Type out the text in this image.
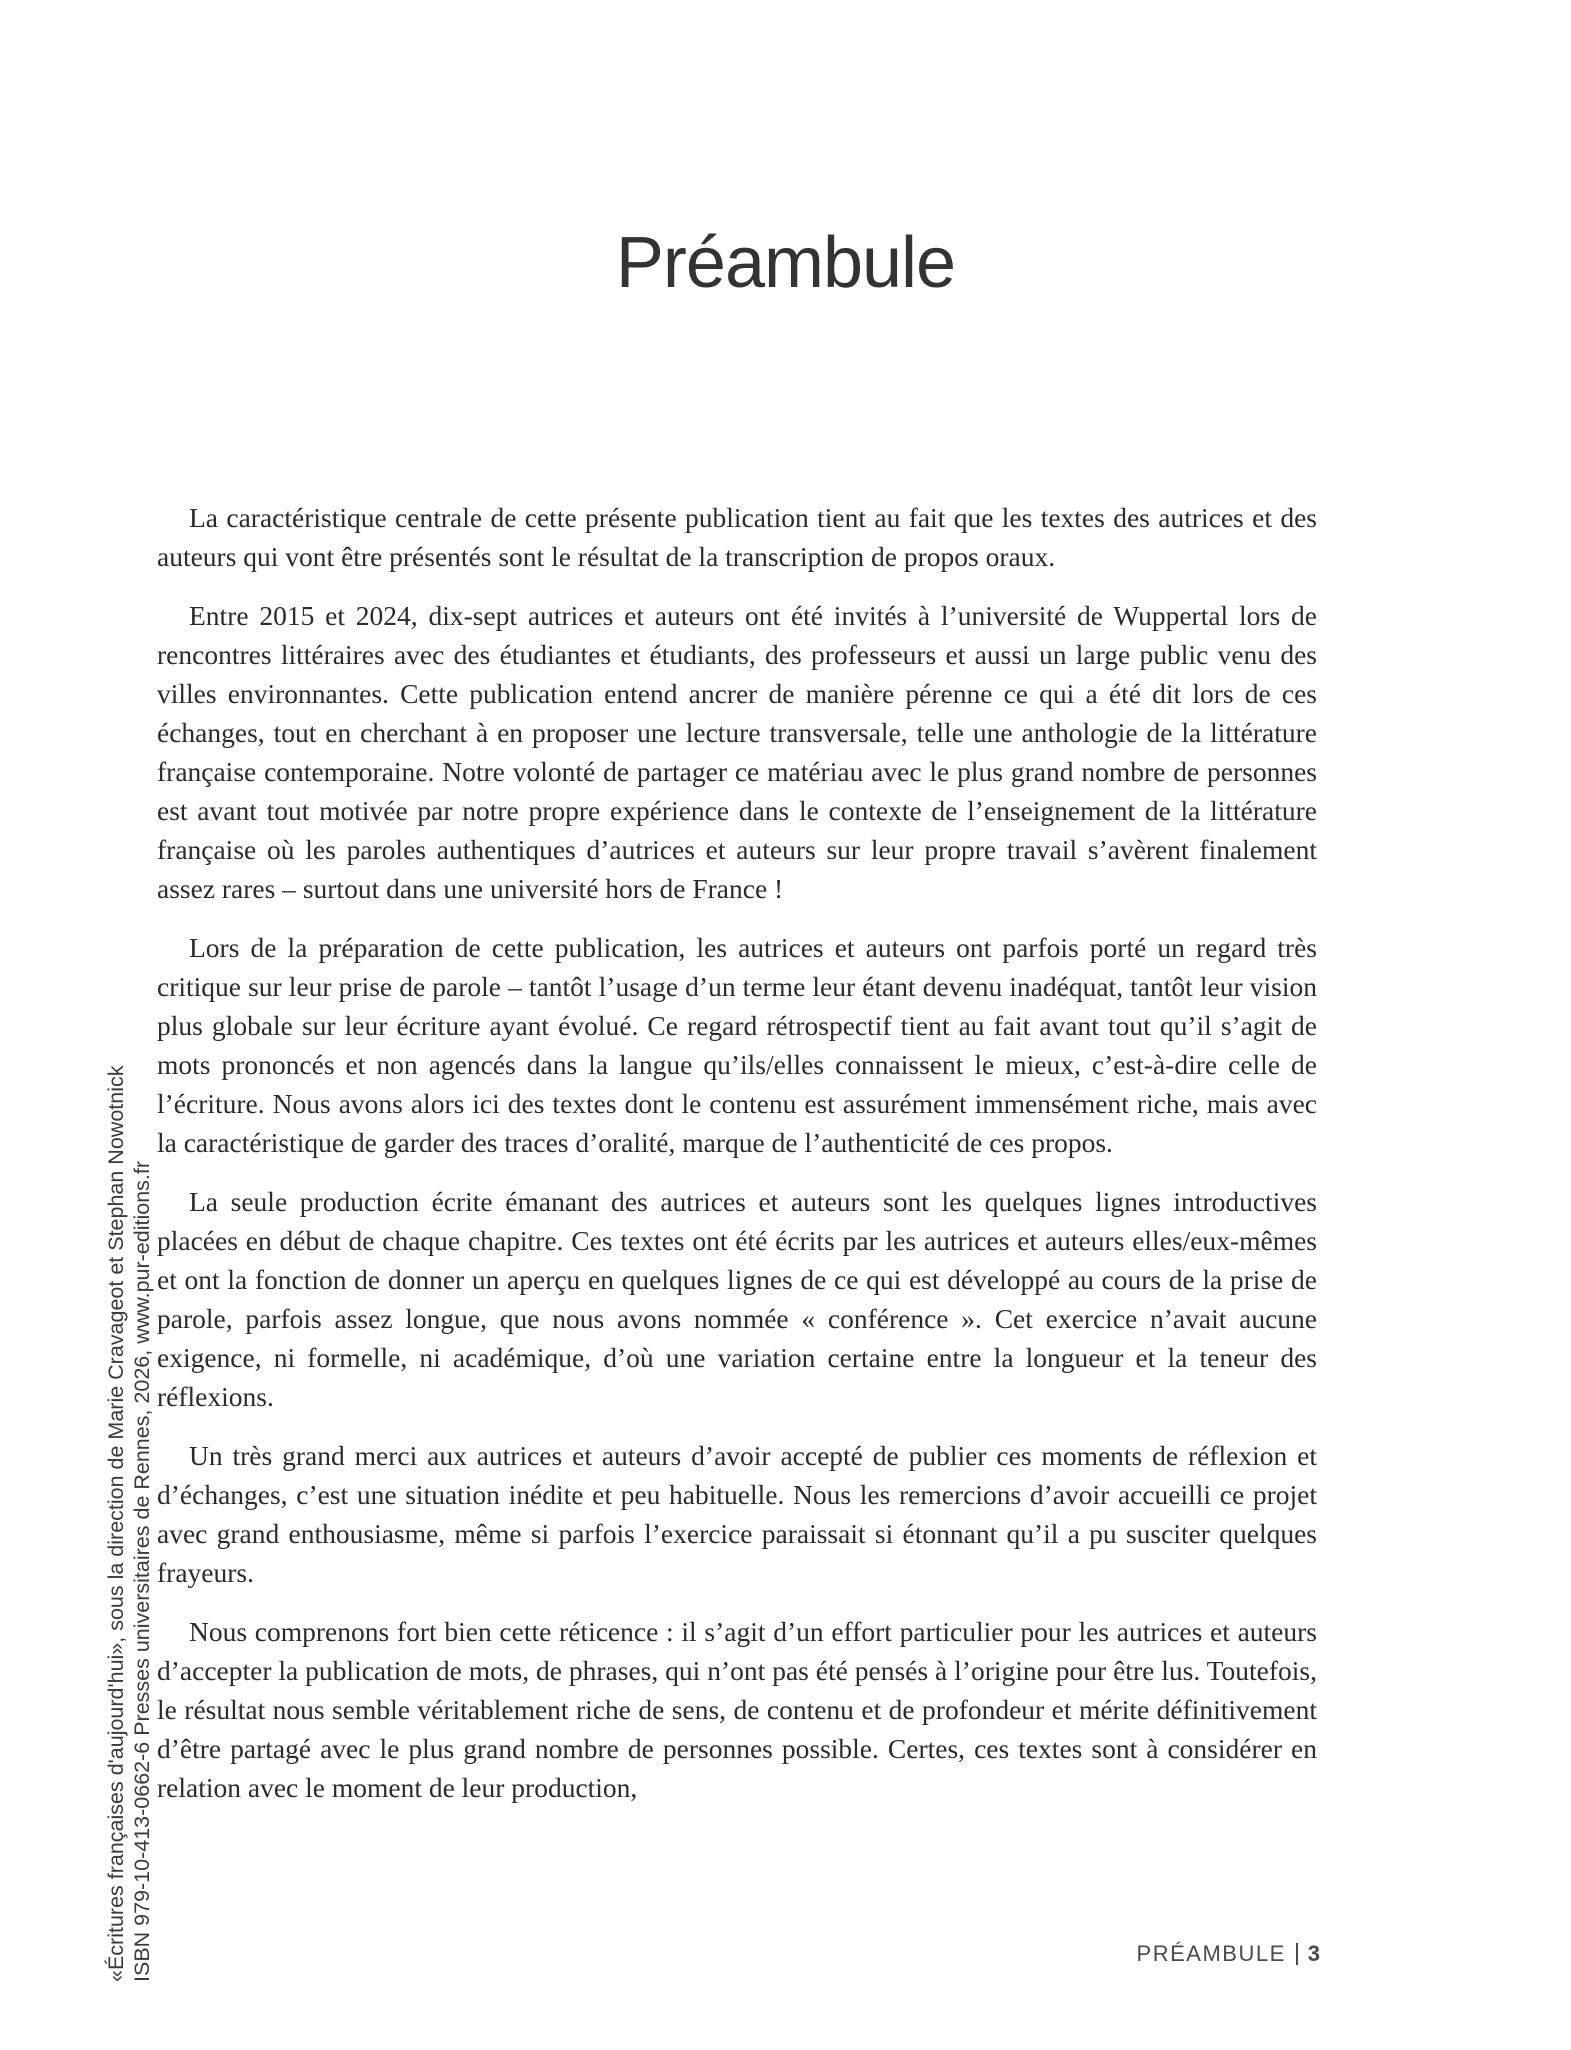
Préambule

La caractéristique centrale de cette présente publication tient au fait que les textes des autrices et des auteurs qui vont être présentés sont le résultat de la transcription de propos oraux.

Entre 2015 et 2024, dix-sept autrices et auteurs ont été invités à l’université de Wuppertal lors de rencontres littéraires avec des étudiantes et étudiants, des professeurs et aussi un large public venu des villes environnantes. Cette publication entend ancrer de manière pérenne ce qui a été dit lors de ces échanges, tout en cherchant à en proposer une lecture transversale, telle une anthologie de la littérature française contemporaine. Notre volonté de partager ce matériau avec le plus grand nombre de personnes est avant tout motivée par notre propre expérience dans le contexte de l’enseignement de la littérature française où les paroles authentiques d’autrices et auteurs sur leur propre travail s’avèrent finalement assez rares – surtout dans une université hors de France !

Lors de la préparation de cette publication, les autrices et auteurs ont parfois porté un regard très critique sur leur prise de parole – tantôt l’usage d’un terme leur étant devenu inadéquat, tantôt leur vision plus globale sur leur écriture ayant évolué. Ce regard rétrospectif tient au fait avant tout qu’il s’agit de mots prononcés et non agencés dans la langue qu’ils/elles connaissent le mieux, c’est-à-dire celle de l’écriture. Nous avons alors ici des textes dont le contenu est assurément immensément riche, mais avec la caractéristique de garder des traces d’oralité, marque de l’authenticité de ces propos.

La seule production écrite émanant des autrices et auteurs sont les quelques lignes introductives placées en début de chaque chapitre. Ces textes ont été écrits par les autrices et auteurs elles/eux-mêmes et ont la fonction de donner un aperçu en quelques lignes de ce qui est développé au cours de la prise de parole, parfois assez longue, que nous avons nommée « conférence ». Cet exercice n’avait aucune exigence, ni formelle, ni académique, d’où une variation certaine entre la longueur et la teneur des réflexions.

Un très grand merci aux autrices et auteurs d’avoir accepté de publier ces moments de réflexion et d’échanges, c’est une situation inédite et peu habituelle. Nous les remercions d’avoir accueilli ce projet avec grand enthousiasme, même si parfois l’exercice paraissait si étonnant qu’il a pu susciter quelques frayeurs.

Nous comprenons fort bien cette réticence : il s’agit d’un effort particulier pour les autrices et auteurs d’accepter la publication de mots, de phrases, qui n’ont pas été pensés à l’origine pour être lus. Toutefois, le résultat nous semble véritablement riche de sens, de contenu et de profondeur et mérite définitivement d’être partagé avec le plus grand nombre de personnes possible. Certes, ces textes sont à considérer en relation avec le moment de leur production,

«Écritures françaises d'aujourd'hui», sous la direction de Marie Cravageot et Stephan Nowotnick ISBN 979-10-413-0662-6 Presses universitaires de Rennes, 2026, www.pur-editions.fr	PRÉAMBULE 3
